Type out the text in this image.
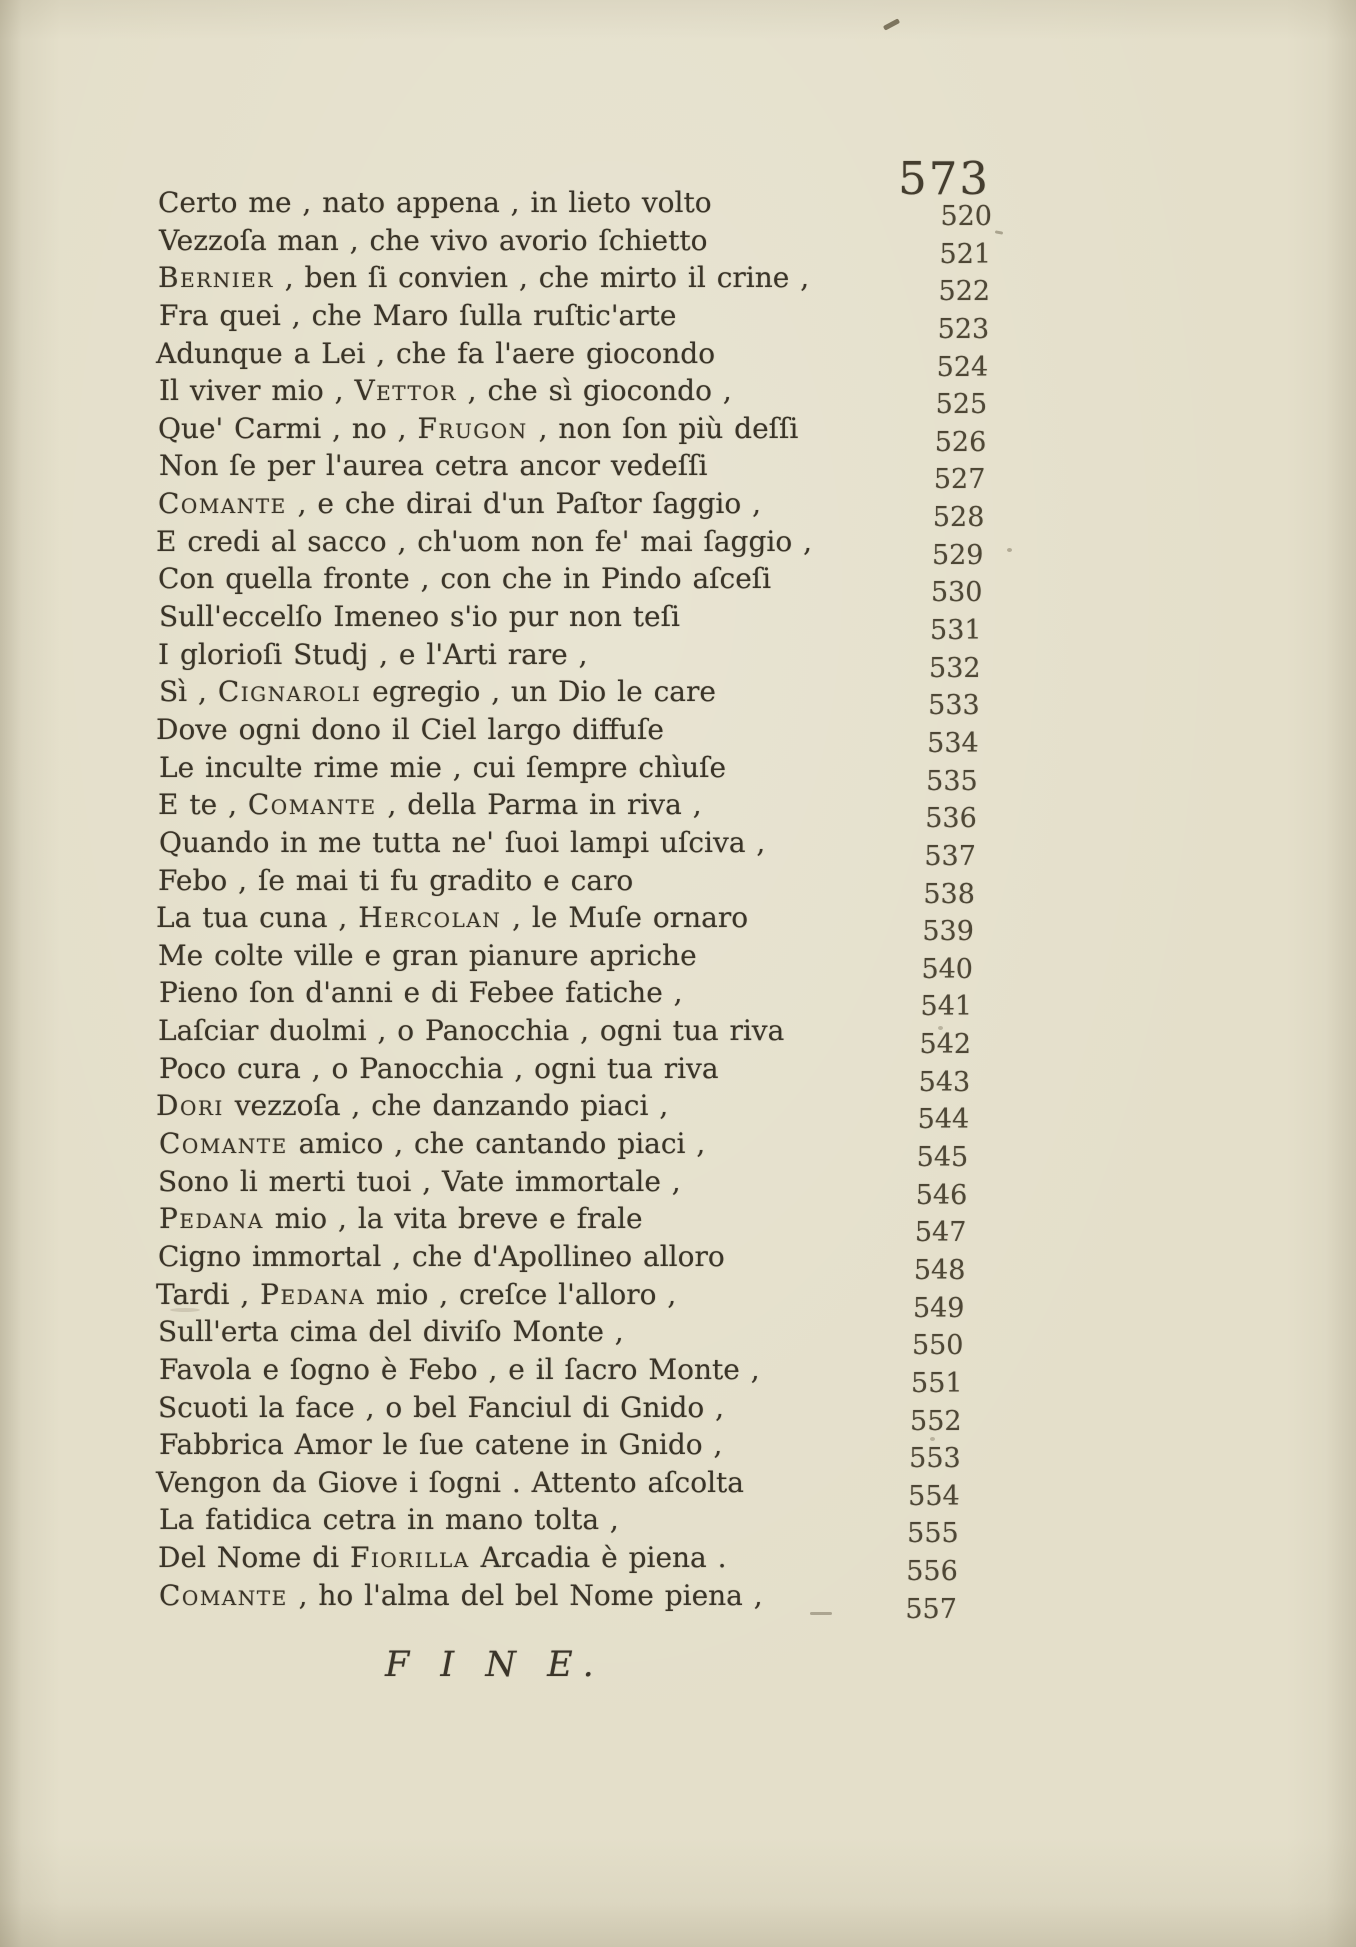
573
Certo me , nato appena , in lieto volto	520
Vezzoſa man , che vivo avorio ſchietto	521
Bernier , ben ſi convien , che mirto il crine ,	522
Fra quei , che Maro ſulla ruſtic'arte	523
Adunque a Lei , che fa l'aere giocondo	524
Il viver mio , Vettor , che sì giocondo ,	525
Que' Carmi , no , Frugon , non ſon più deſſi	526
Non ſe per l'aurea cetra ancor vedeſſi	527
Comante , e che dirai d'un Paſtor ſaggio ,	528
E credi al sacco , ch'uom non fe' mai ſaggio ,	529
Con quella fronte , con che in Pindo aſceſi	530
Sull'eccelſo Imeneo s'io pur non teſi	531
I glorioſi Studj , e l'Arti rare ,	532
Sì , Cignaroli egregio , un Dio le care	533
Dove ogni dono il Ciel largo diffuſe	534
Le inculte rime mie , cui ſempre chìuſe	535
E te , Comante , della Parma in riva ,	536
Quando in me tutta ne' ſuoi lampi uſciva ,	537
Febo , ſe mai ti fu gradito e caro	538
La tua cuna , Hercolan , le Muſe ornaro	539
Me colte ville e gran pianure apriche	540
Pieno ſon d'anni e di Febee fatiche ,	541
Laſciar duolmi , o Panocchia , ogni tua riva	542
Poco cura , o Panocchia , ogni tua riva	543
Dori vezzoſa , che danzando piaci ,	544
Comante amico , che cantando piaci ,	545
Sono li merti tuoi , Vate immortale ,	546
Pedana mio , la vita breve e frale	547
Cigno immortal , che d'Apollineo alloro	548
Tardi , Pedana mio , creſce l'alloro ,	549
Sull'erta cima del diviſo Monte ,	550
Favola e ſogno è Febo , e il ſacro Monte ,	551
Scuoti la face , o bel Fanciul di Gnido ,	552
Fabbrica Amor le ſue catene in Gnido ,	553
Vengon da Giove i ſogni . Attento aſcolta	554
La fatidica cetra in mano tolta ,	555
Del Nome di Fiorilla Arcadia è piena .	556
Comante , ho l'alma del bel Nome piena ,	557
F I N E.
